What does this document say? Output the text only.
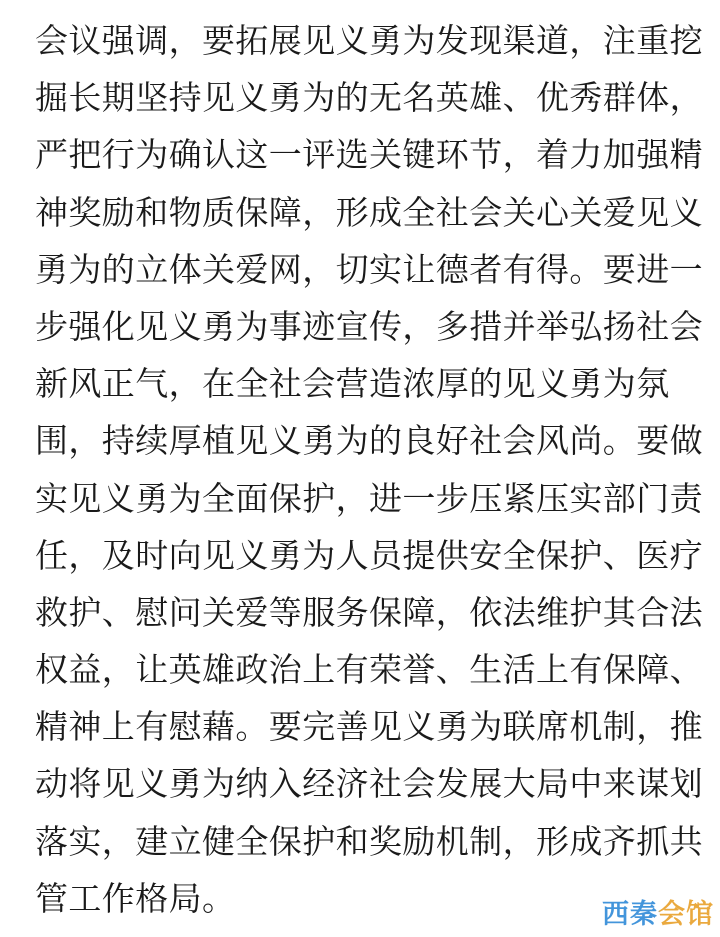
会议强调，要拓展见义勇为发现渠道，注重挖
掘长期坚持见义勇为的无名英雄、优秀群体，
严把行为确认这一评选关键环节，着力加强精
神奖励和物质保障，形成全社会关心关爱见义
勇为的立体关爱网，切实让德者有得。要进一
步强化见义勇为事迹宣传，多措并举弘扬社会
新风正气，在全社会营造浓厚的见义勇为氛
围，持续厚植见义勇为的良好社会风尚。要做
实见义勇为全面保护，进一步压紧压实部门责
任，及时向见义勇为人员提供安全保护、医疗
救护、慰问关爱等服务保障，依法维护其合法
权益，让英雄政治上有荣誉、生活上有保障、
精神上有慰藉。要完善见义勇为联席机制，推
动将见义勇为纳入经济社会发展大局中来谋划
落实，建立健全保护和奖励机制，形成齐抓共
管工作格局。	西秦会馆
